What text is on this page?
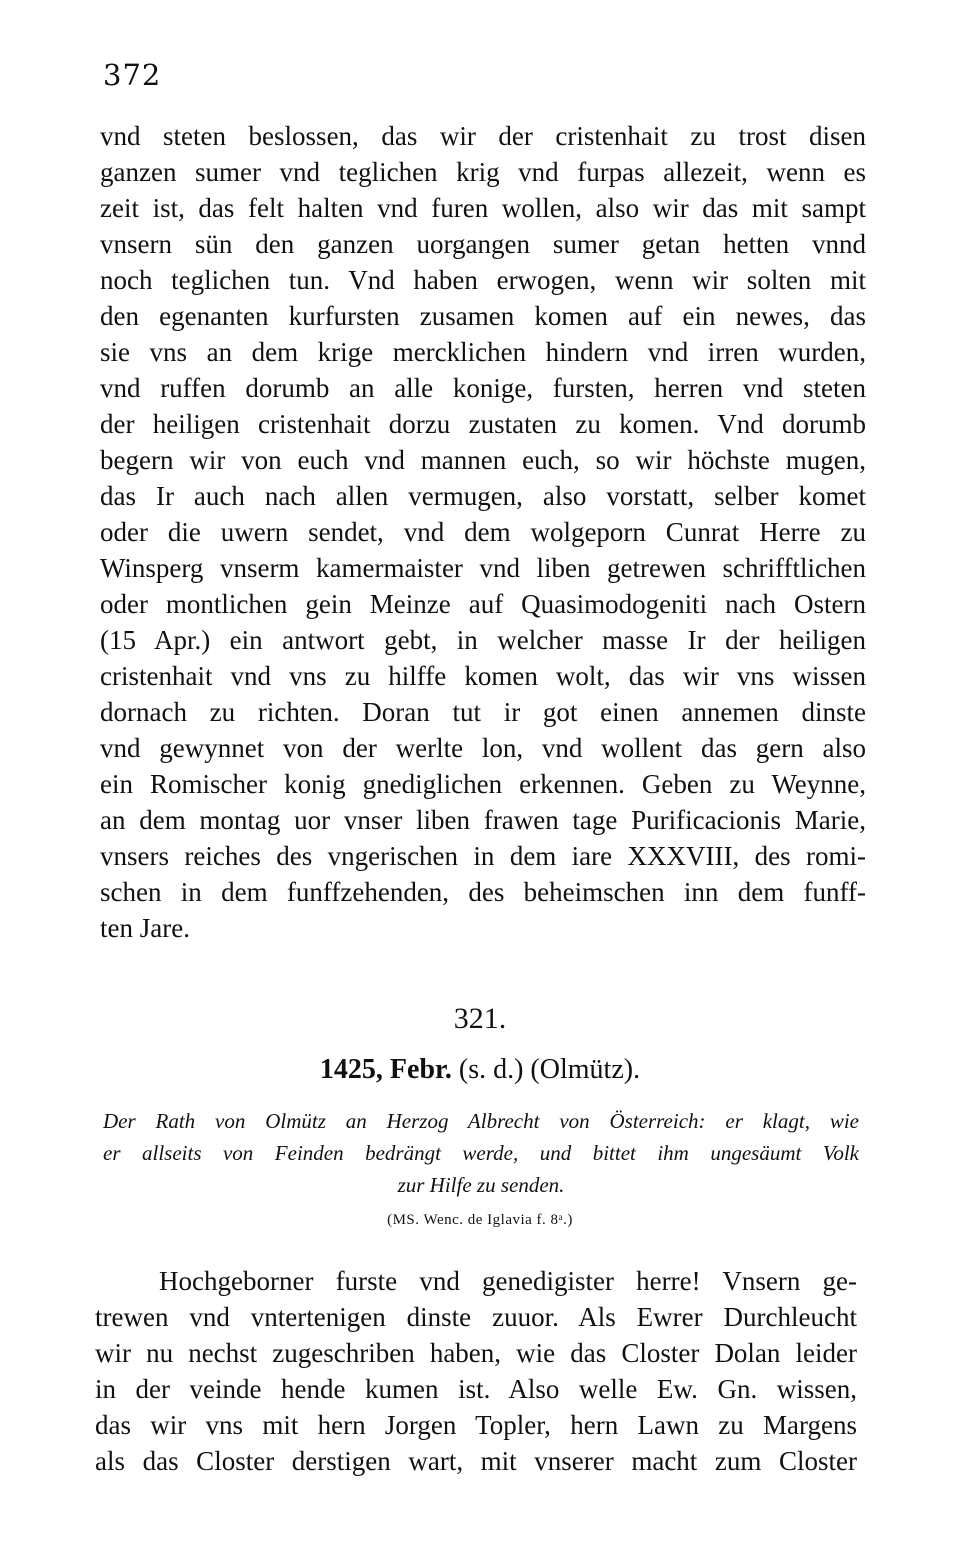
372
vnd steten beslossen, das wir der cristenhait zu trost disen
ganzen sumer vnd teglichen krig vnd furpas allezeit, wenn es
zeit ist, das felt halten vnd furen wollen, also wir das mit sampt
vnsern sün den ganzen uorgangen sumer getan hetten vnnd
noch teglichen tun. Vnd haben erwogen, wenn wir solten mit
den egenanten kurfursten zusamen komen auf ein newes, das
sie vns an dem krige mercklichen hindern vnd irren wurden,
vnd ruffen dorumb an alle konige, fursten, herren vnd steten
der heiligen cristenhait dorzu zustaten zu komen. Vnd dorumb
begern wir von euch vnd mannen euch, so wir höchste mugen,
das Ir auch nach allen vermugen, also vorstatt, selber komet
oder die uwern sendet, vnd dem wolgeporn Cunrat Herre zu
Winsperg vnserm kamermaister vnd liben getrewen schrifftlichen
oder montlichen gein Meinze auf Quasimodogeniti nach Ostern
(15 Apr.) ein antwort gebt, in welcher masse Ir der heiligen
cristenhait vnd vns zu hilffe komen wolt, das wir vns wissen
dornach zu richten. Doran tut ir got einen annemen dinste
vnd gewynnet von der werlte lon, vnd wollent das gern also
ein Romischer konig gnediglichen erkennen. Geben zu Weynne,
an dem montag uor vnser liben frawen tage Purificacionis Marie,
vnsers reiches des vngerischen in dem iare XXXVIII, des romi-
schen in dem funffzehenden, des beheimschen inn dem funff-
ten Jare.
321.
1425, Febr. (s. d.) (Olmütz).
Der Rath von Olmütz an Herzog Albrecht von Österreich: er klagt, wie
er allseits von Feinden bedrängt werde, und bittet ihm ungesäumt Volk
zur Hilfe zu senden.
(MS. Wenc. de Iglavia f. 8ᵃ.)
Hochgeborner furste vnd genedigister herre! Vnsern ge-
trewen vnd vntertenigen dinste zuuor. Als Ewrer Durchleucht
wir nu nechst zugeschriben haben, wie das Closter Dolan leider
in der veinde hende kumen ist. Also welle Ew. Gn. wissen,
das wir vns mit hern Jorgen Topler, hern Lawn zu Margens
als das Closter derstigen wart, mit vnserer macht zum Closter
